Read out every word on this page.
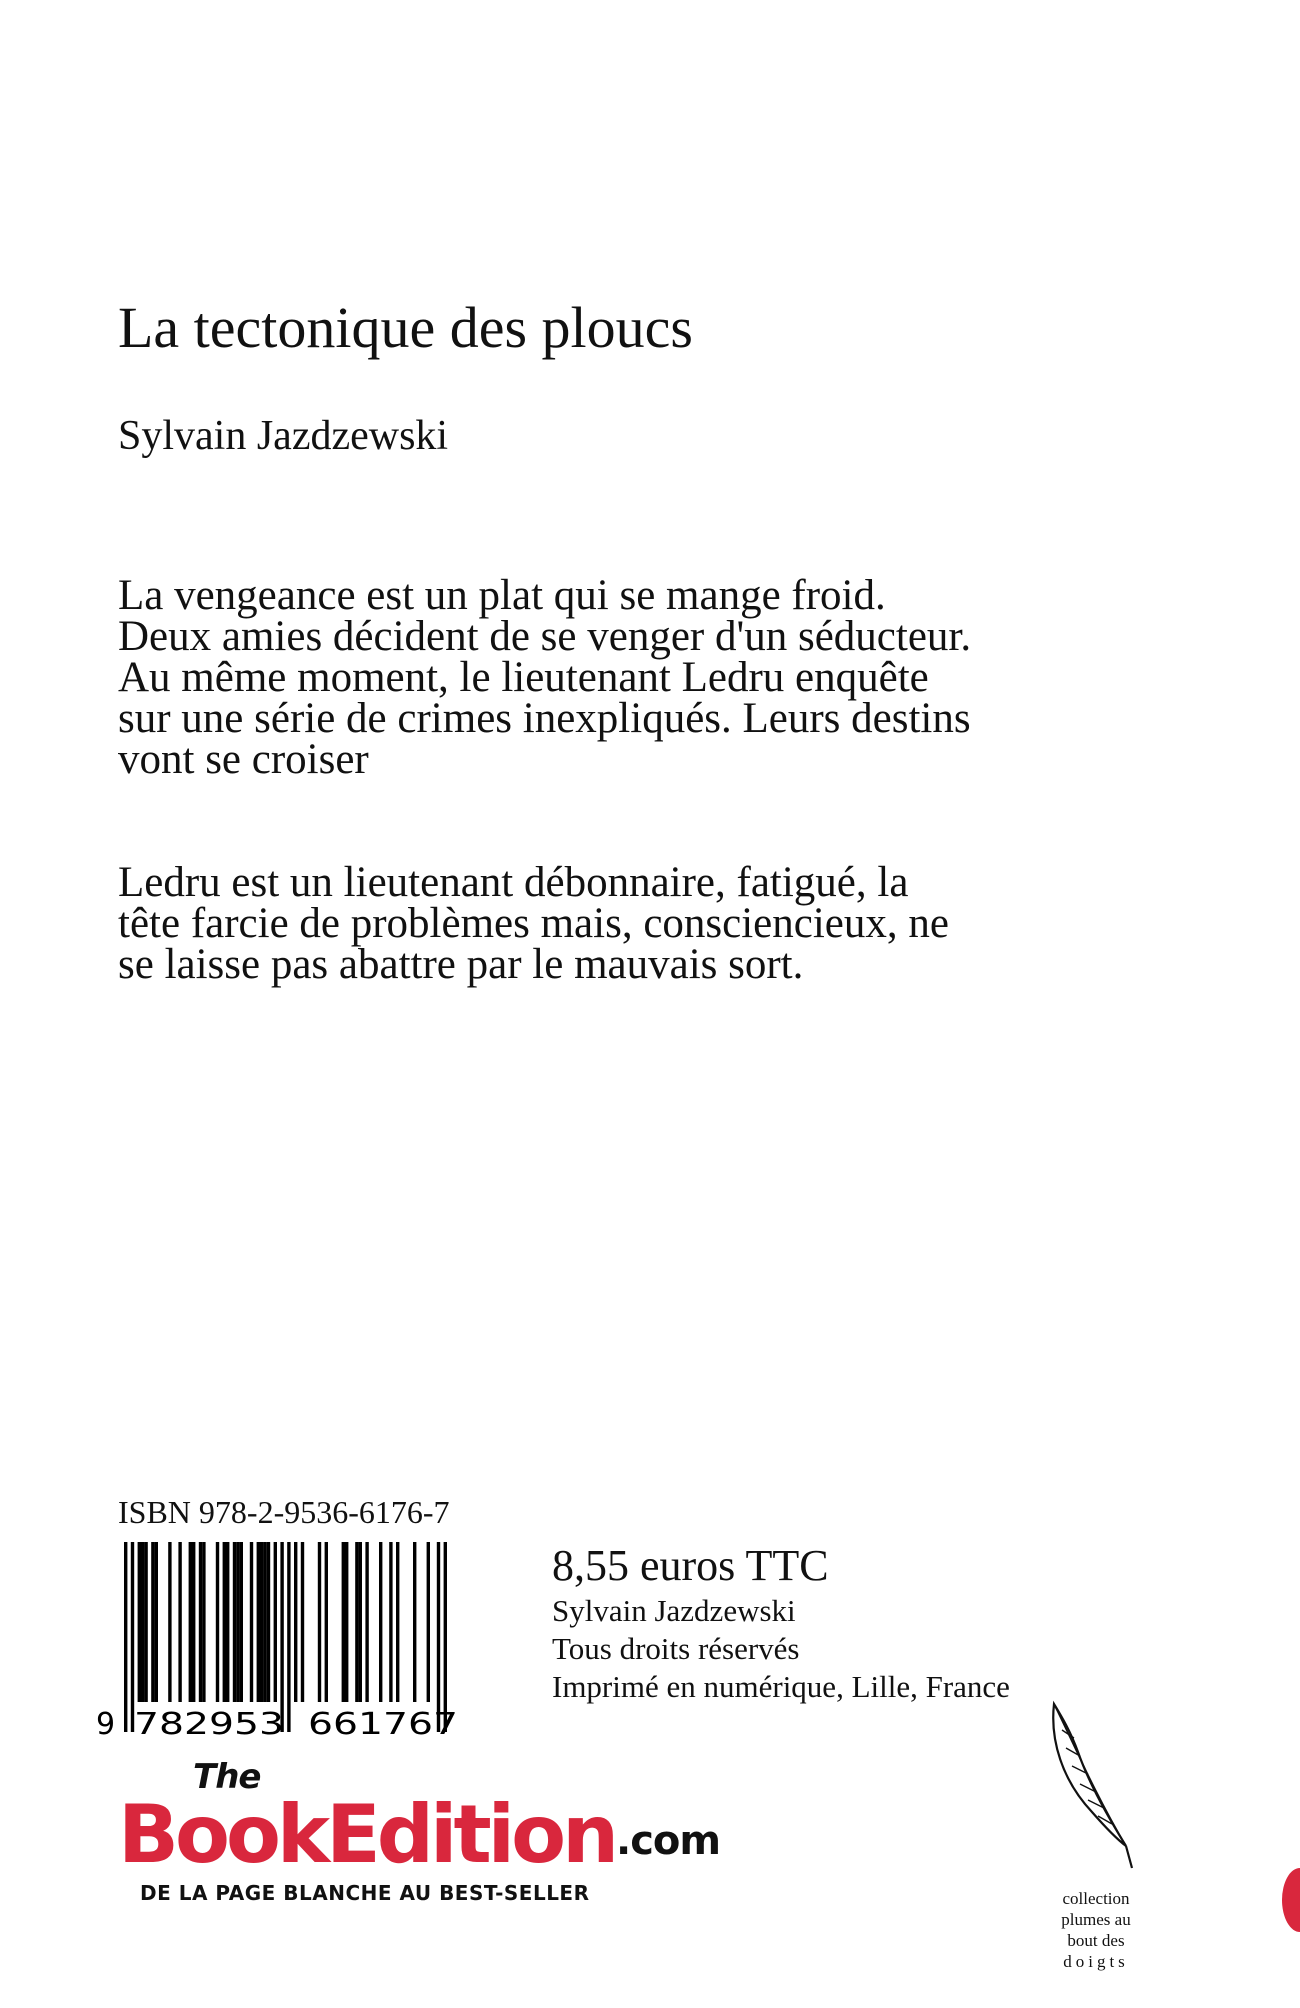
La tectonique des ploucs
Sylvain Jazdzewski
La vengeance est un plat qui se mange froid. Deux amies décident de se venger d'un séducteur. Au même moment, le lieutenant Ledru enquête sur une série de crimes inexpliqués. Leurs destins vont se croiser
Ledru est un lieutenant débonnaire, fatigué, la tête farcie de problèmes mais, consciencieux, ne se laisse pas abattre par le mauvais sort.
ISBN 978-2-9536-6176-7
9 782953 661767
8,55 euros TTC
Sylvain Jazdzewski
Tous droits réservés
Imprimé en numérique, Lille, France
The
BookEdition .com
DE LA PAGE BLANCHE AU BEST-SELLER	collection
plumes au
bout des
doigts
